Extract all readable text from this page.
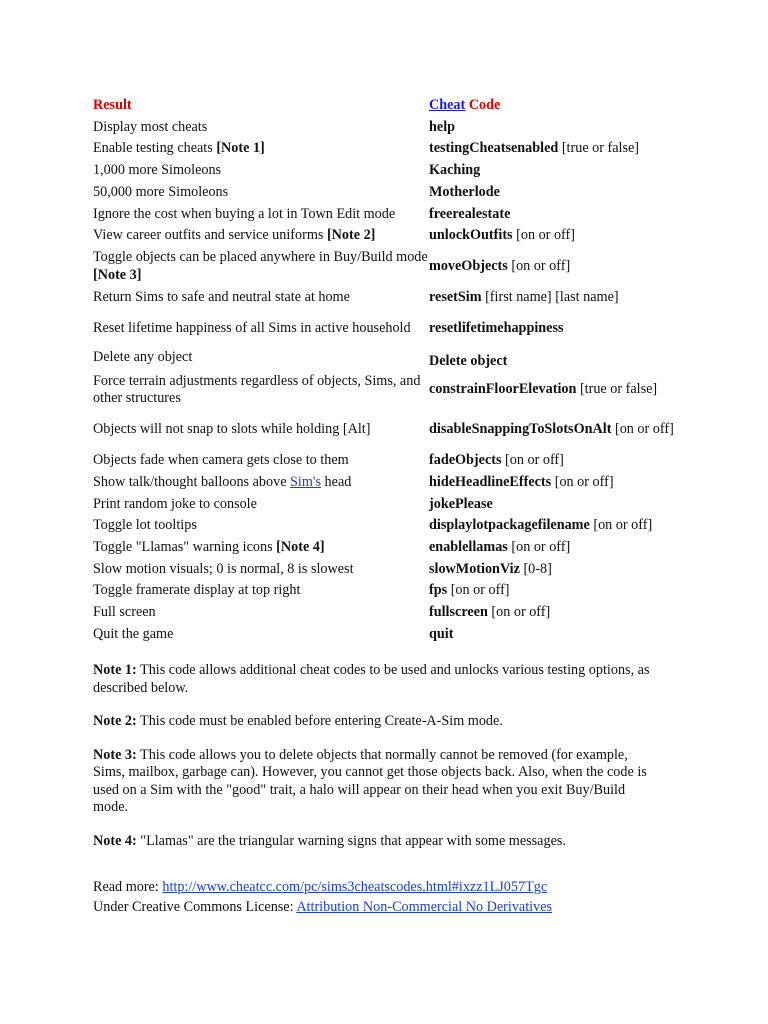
Result	Cheat Code
Display most cheats	help
Enable testing cheats [Note 1]	testingCheatsenabled [true or false]
1,000 more Simoleons	Kaching
50,000 more Simoleons	Motherlode
Ignore the cost when buying a lot in Town Edit mode	freerealestate
View career outfits and service uniforms [Note 2]	unlockOutfits [on or off]
Toggle objects can be placed anywhere in Buy/Build mode [Note 3]	moveObjects [on or off]
Return Sims to safe and neutral state at home	resetSim [first name] [last name]
Reset lifetime happiness of all Sims in active household	resetlifetimehappiness
Delete any object	Delete object
Force terrain adjustments regardless of objects, Sims, and other structures	constrainFloorElevation [true or false]
Objects will not snap to slots while holding [Alt]	disableSnappingToSlotsOnAlt [on or off]
Objects fade when camera gets close to them	fadeObjects [on or off]
Show talk/thought balloons above Sim's head	hideHeadlineEffects [on or off]
Print random joke to console	jokePlease
Toggle lot tooltips	displaylotpackagefilename [on or off]
Toggle "Llamas" warning icons [Note 4]	enablellamas [on or off]
Slow motion visuals; 0 is normal, 8 is slowest	slowMotionViz [0-8]
Toggle framerate display at top right	fps [on or off]
Full screen	fullscreen [on or off]
Quit the game	quit

Note 1: This code allows additional cheat codes to be used and unlocks various testing options, as described below.

Note 2: This code must be enabled before entering Create-A-Sim mode.

Note 3: This code allows you to delete objects that normally cannot be removed (for example, Sims, mailbox, garbage can). However, you cannot get those objects back. Also, when the code is used on a Sim with the "good" trait, a halo will appear on their head when you exit Buy/Build mode.

Note 4: "Llamas" are the triangular warning signs that appear with some messages.

Read more: http://www.cheatcc.com/pc/sims3cheatscodes.html#ixzz1LJ057Tgc
Under Creative Commons License: Attribution Non-Commercial No Derivatives
